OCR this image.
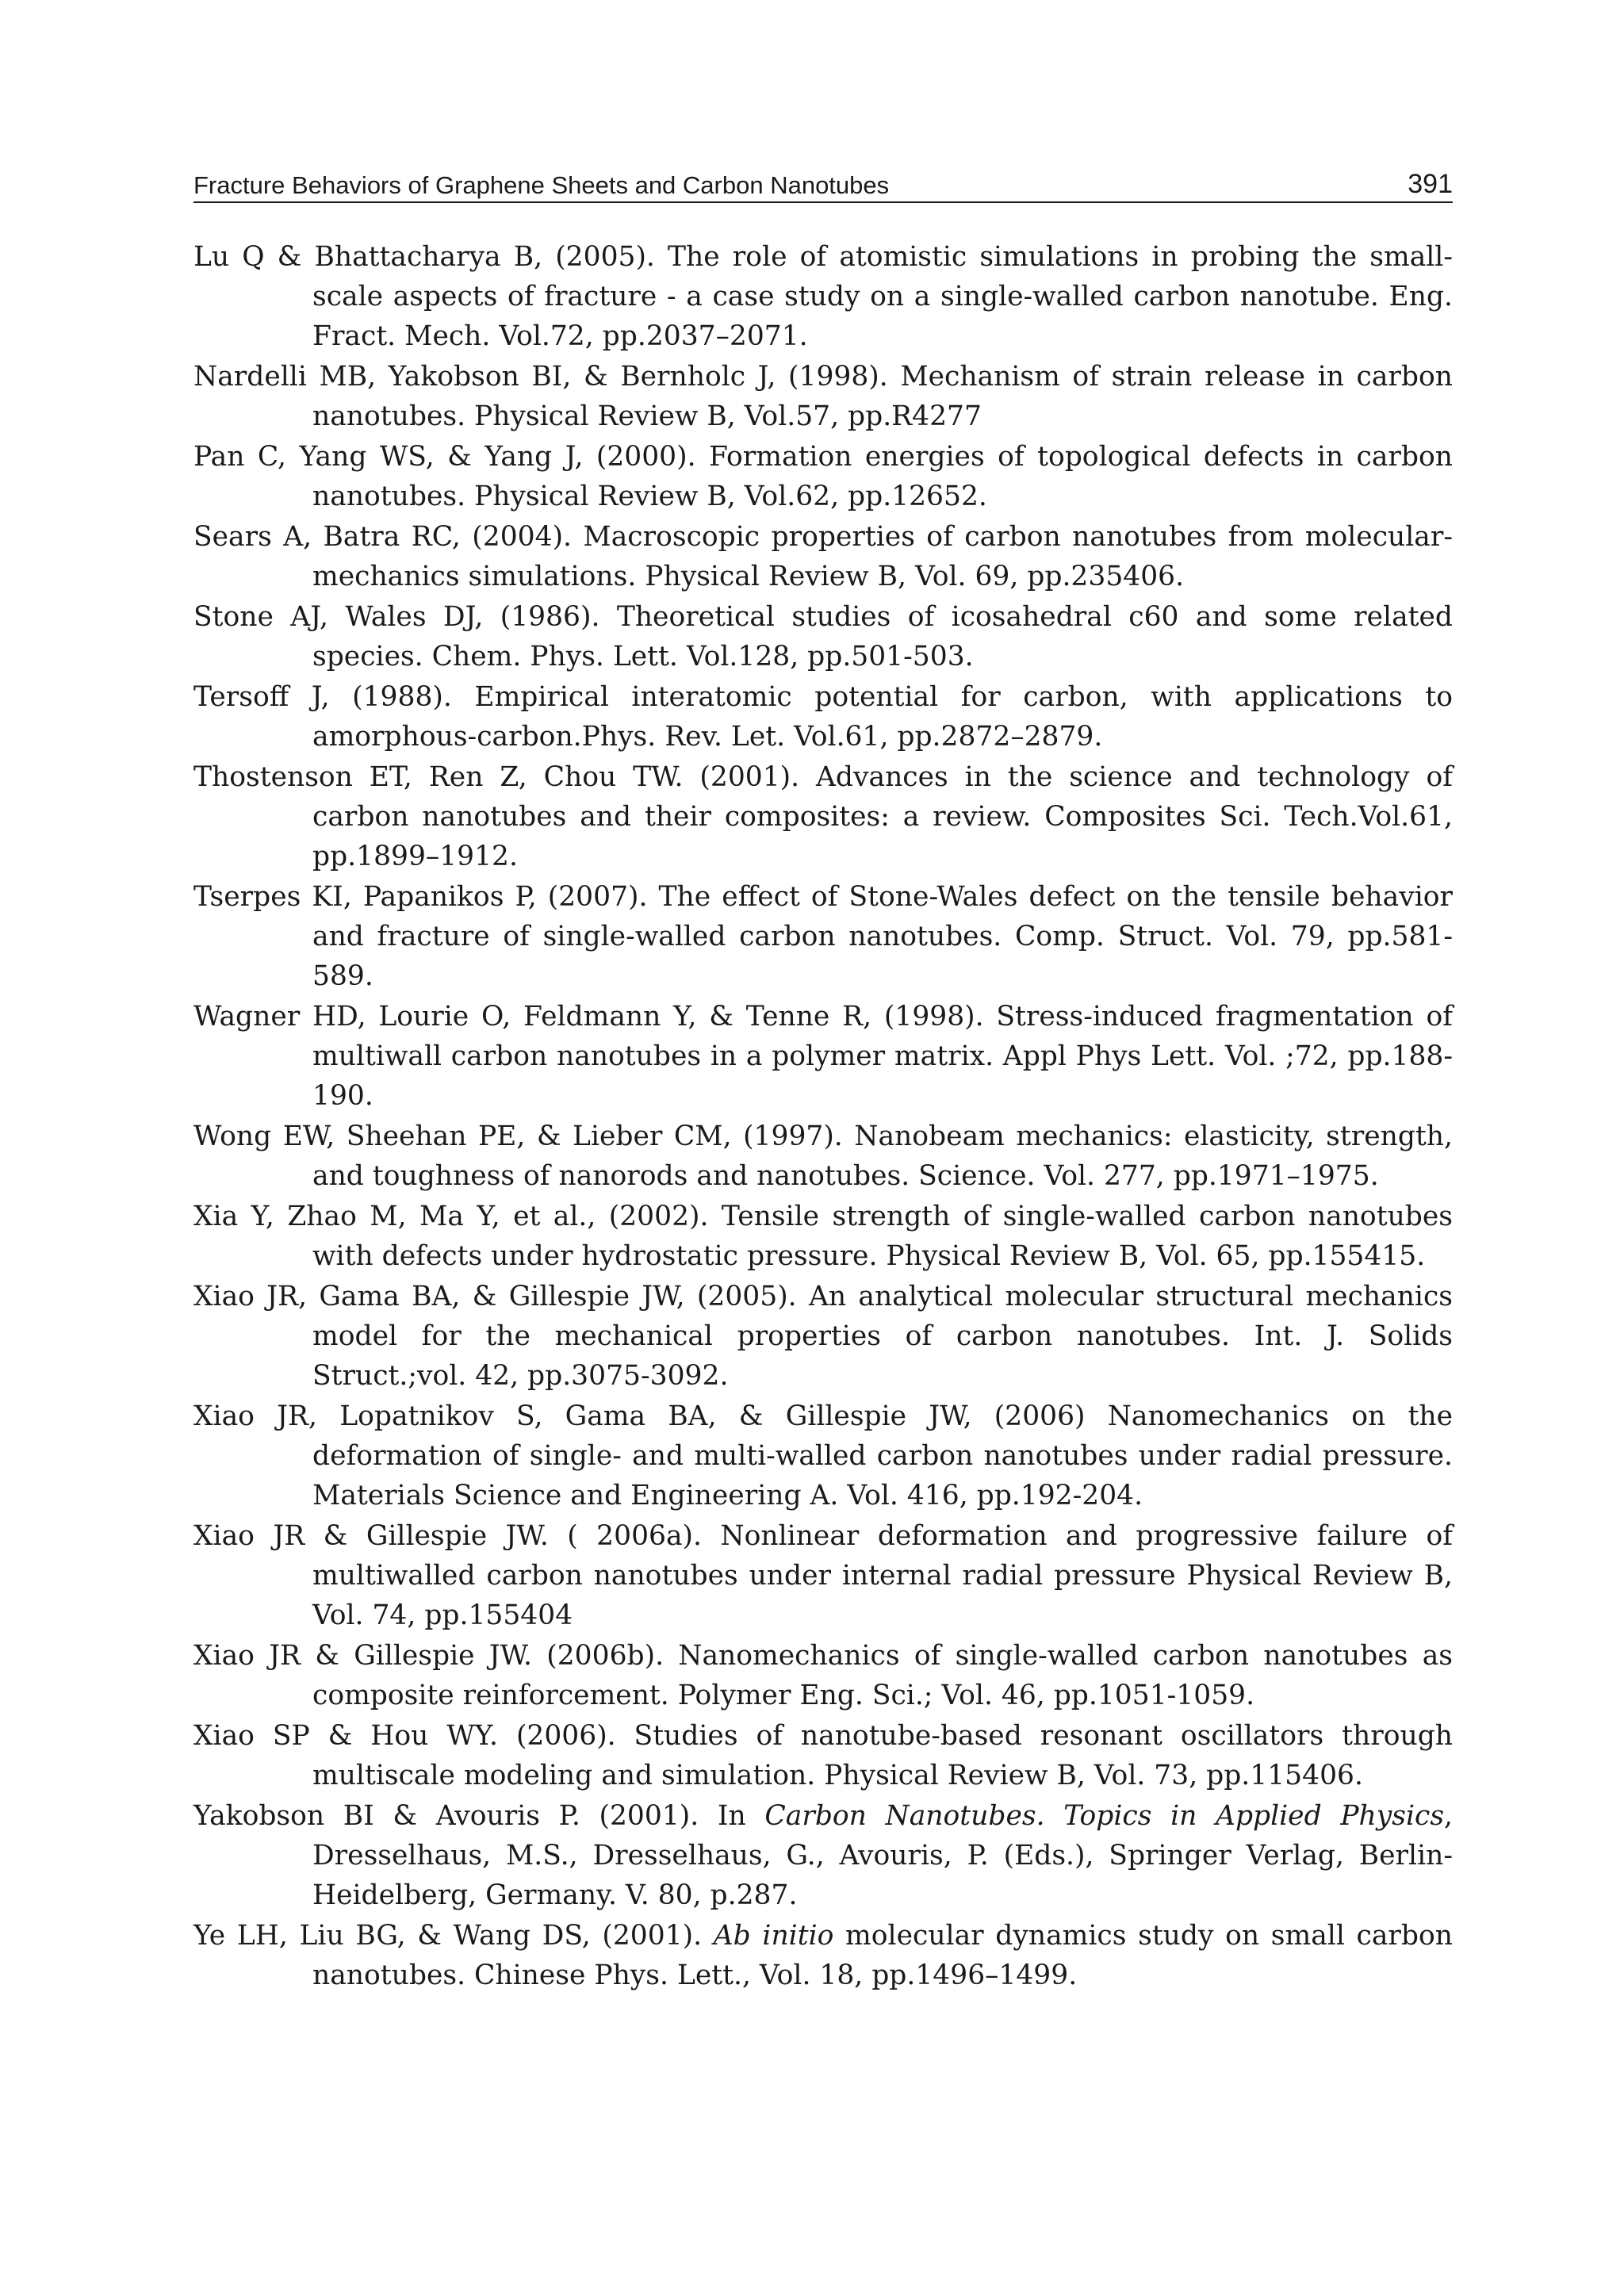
Fracture Behaviors of Graphene Sheets and Carbon Nanotubes	391

Lu Q & Bhattacharya B, (2005). The role of atomistic simulations in probing the small-scale aspects of fracture - a case study on a single-walled carbon nanotube. Eng. Fract. Mech. Vol.72, pp.2037–2071.

Nardelli MB, Yakobson BI, & Bernholc J, (1998). Mechanism of strain release in carbon nanotubes. Physical Review B, Vol.57, pp.R4277

Pan C, Yang WS, & Yang J, (2000). Formation energies of topological defects in carbon nanotubes. Physical Review B, Vol.62, pp.12652.

Sears A, Batra RC, (2004). Macroscopic properties of carbon nanotubes from molecular-mechanics simulations. Physical Review B, Vol. 69, pp.235406.

Stone AJ, Wales DJ, (1986). Theoretical studies of icosahedral c60 and some related species. Chem. Phys. Lett. Vol.128, pp.501-503.

Tersoff J, (1988). Empirical interatomic potential for carbon, with applications to amorphous-carbon.Phys. Rev. Let. Vol.61, pp.2872–2879.

Thostenson ET, Ren Z, Chou TW. (2001). Advances in the science and technology of carbon nanotubes and their composites: a review. Composites Sci. Tech.Vol.61, pp.1899–1912.

Tserpes KI, Papanikos P, (2007). The effect of Stone-Wales defect on the tensile behavior and fracture of single-walled carbon nanotubes. Comp. Struct. Vol. 79, pp.581-589.

Wagner HD, Lourie O, Feldmann Y, & Tenne R, (1998). Stress-induced fragmentation of multiwall carbon nanotubes in a polymer matrix. Appl Phys Lett. Vol. ;72, pp.188-190.

Wong EW, Sheehan PE, & Lieber CM, (1997). Nanobeam mechanics: elasticity, strength, and toughness of nanorods and nanotubes. Science. Vol. 277, pp.1971–1975.

Xia Y, Zhao M, Ma Y, et al., (2002). Tensile strength of single-walled carbon nanotubes with defects under hydrostatic pressure. Physical Review B, Vol. 65, pp.155415.

Xiao JR, Gama BA, & Gillespie JW, (2005). An analytical molecular structural mechanics model for the mechanical properties of carbon nanotubes. Int. J. Solids Struct.;vol. 42, pp.3075-3092.

Xiao JR, Lopatnikov S, Gama BA, & Gillespie JW, (2006) Nanomechanics on the deformation of single- and multi-walled carbon nanotubes under radial pressure. Materials Science and Engineering A. Vol. 416, pp.192-204.

Xiao JR & Gillespie JW. ( 2006a). Nonlinear deformation and progressive failure of multiwalled carbon nanotubes under internal radial pressure Physical Review B, Vol. 74, pp.155404

Xiao JR & Gillespie JW. (2006b). Nanomechanics of single-walled carbon nanotubes as composite reinforcement. Polymer Eng. Sci.; Vol. 46, pp.1051-1059.

Xiao SP & Hou WY. (2006). Studies of nanotube-based resonant oscillators through multiscale modeling and simulation. Physical Review B, Vol. 73, pp.115406.

Yakobson BI & Avouris P. (2001). In Carbon Nanotubes. Topics in Applied Physics, Dresselhaus, M.S., Dresselhaus, G., Avouris, P. (Eds.), Springer Verlag, Berlin-Heidelberg, Germany. V. 80, p.287.

Ye LH, Liu BG, & Wang DS, (2001). Ab initio molecular dynamics study on small carbon nanotubes. Chinese Phys. Lett., Vol. 18, pp.1496–1499.
